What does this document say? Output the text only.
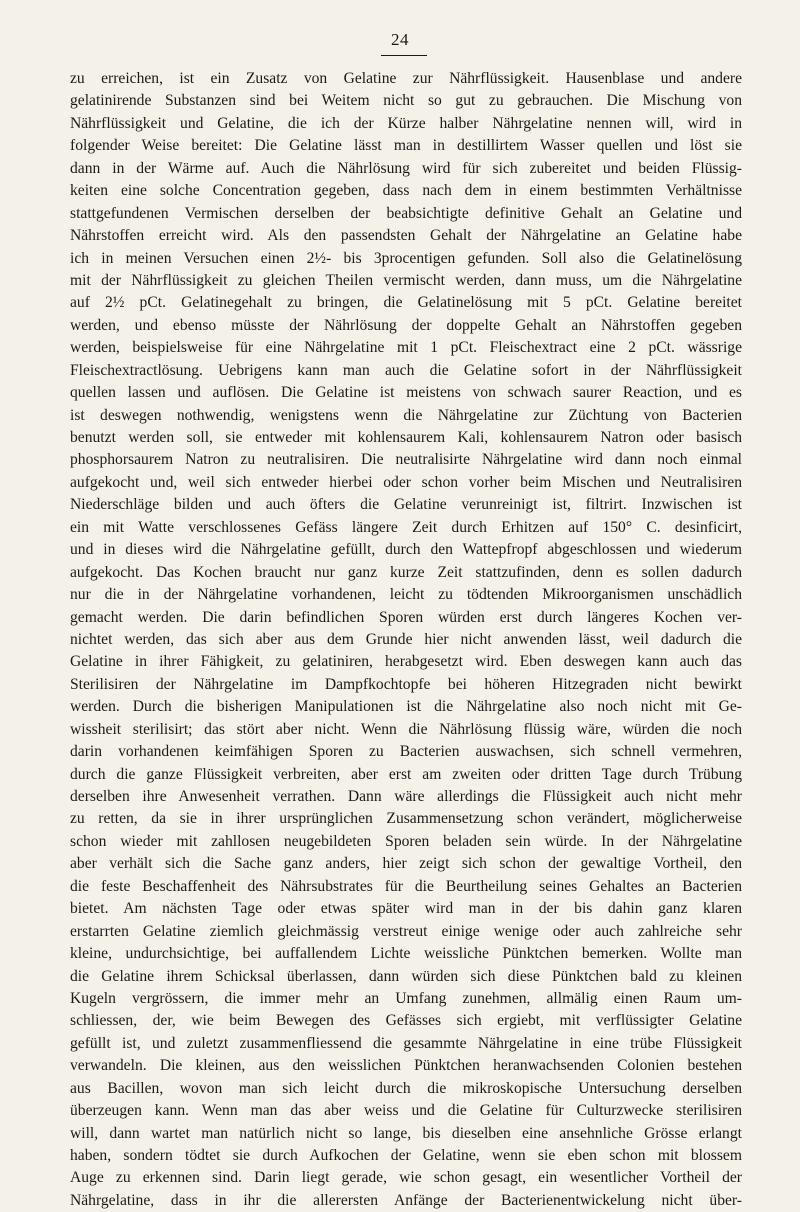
24
zu erreichen, ist ein Zusatz von Gelatine zur Nährflüssigkeit. Hausenblase und andere
gelatinirende Substanzen sind bei Weitem nicht so gut zu gebrauchen. Die Mischung von
Nährflüssigkeit und Gelatine, die ich der Kürze halber Nährgelatine nennen will, wird in
folgender Weise bereitet: Die Gelatine lässt man in destillirtem Wasser quellen und löst sie
dann in der Wärme auf. Auch die Nährlösung wird für sich zubereitet und beiden Flüssig-
keiten eine solche Concentration gegeben, dass nach dem in einem bestimmten Verhältnisse
stattgefundenen Vermischen derselben der beabsichtigte definitive Gehalt an Gelatine und
Nährstoffen erreicht wird. Als den passendsten Gehalt der Nährgelatine an Gelatine habe
ich in meinen Versuchen einen 2½- bis 3procentigen gefunden. Soll also die Gelatinelösung
mit der Nährflüssigkeit zu gleichen Theilen vermischt werden, dann muss, um die Nährgelatine
auf 2½ pCt. Gelatinegehalt zu bringen, die Gelatinelösung mit 5 pCt. Gelatine bereitet
werden, und ebenso müsste der Nährlösung der doppelte Gehalt an Nährstoffen gegeben
werden, beispielsweise für eine Nährgelatine mit 1 pCt. Fleischextract eine 2 pCt. wässrige
Fleischextractlösung. Uebrigens kann man auch die Gelatine sofort in der Nährflüssigkeit
quellen lassen und auflösen. Die Gelatine ist meistens von schwach saurer Reaction, und es
ist deswegen nothwendig, wenigstens wenn die Nährgelatine zur Züchtung von Bacterien
benutzt werden soll, sie entweder mit kohlensaurem Kali, kohlensaurem Natron oder basisch
phosphorsaurem Natron zu neutralisiren. Die neutralisirte Nährgelatine wird dann noch einmal
aufgekocht und, weil sich entweder hierbei oder schon vorher beim Mischen und Neutralisiren
Niederschläge bilden und auch öfters die Gelatine verunreinigt ist, filtrirt. Inzwischen ist
ein mit Watte verschlossenes Gefäss längere Zeit durch Erhitzen auf 150° C. desinficirt,
und in dieses wird die Nährgelatine gefüllt, durch den Wattepfropf abgeschlossen und wiederum
aufgekocht. Das Kochen braucht nur ganz kurze Zeit stattzufinden, denn es sollen dadurch
nur die in der Nährgelatine vorhandenen, leicht zu tödtenden Mikroorganismen unschädlich
gemacht werden. Die darin befindlichen Sporen würden erst durch längeres Kochen ver-
nichtet werden, das sich aber aus dem Grunde hier nicht anwenden lässt, weil dadurch die
Gelatine in ihrer Fähigkeit, zu gelatiniren, herabgesetzt wird. Eben deswegen kann auch das
Sterilisiren der Nährgelatine im Dampfkochtopfe bei höheren Hitzegraden nicht bewirkt
werden. Durch die bisherigen Manipulationen ist die Nährgelatine also noch nicht mit Ge-
wissheit sterilisirt; das stört aber nicht. Wenn die Nährlösung flüssig wäre, würden die noch
darin vorhandenen keimfähigen Sporen zu Bacterien auswachsen, sich schnell vermehren,
durch die ganze Flüssigkeit verbreiten, aber erst am zweiten oder dritten Tage durch Trübung
derselben ihre Anwesenheit verrathen. Dann wäre allerdings die Flüssigkeit auch nicht mehr
zu retten, da sie in ihrer ursprünglichen Zusammensetzung schon verändert, möglicherweise
schon wieder mit zahllosen neugebildeten Sporen beladen sein würde. In der Nährgelatine
aber verhält sich die Sache ganz anders, hier zeigt sich schon der gewaltige Vortheil, den
die feste Beschaffenheit des Nährsubstrates für die Beurtheilung seines Gehaltes an Bacterien
bietet. Am nächsten Tage oder etwas später wird man in der bis dahin ganz klaren
erstarrten Gelatine ziemlich gleichmässig verstreut einige wenige oder auch zahlreiche sehr
kleine, undurchsichtige, bei auffallendem Lichte weissliche Pünktchen bemerken. Wollte man
die Gelatine ihrem Schicksal überlassen, dann würden sich diese Pünktchen bald zu kleinen
Kugeln vergrössern, die immer mehr an Umfang zunehmen, allmälig einen Raum um-
schliessen, der, wie beim Bewegen des Gefässes sich ergiebt, mit verflüssigter Gelatine
gefüllt ist, und zuletzt zusammenfliessend die gesammte Nährgelatine in eine trübe Flüssigkeit
verwandeln. Die kleinen, aus den weisslichen Pünktchen heranwachsenden Colonien bestehen
aus Bacillen, wovon man sich leicht durch die mikroskopische Untersuchung derselben
überzeugen kann. Wenn man das aber weiss und die Gelatine für Culturzwecke sterilisiren
will, dann wartet man natürlich nicht so lange, bis dieselben eine ansehnliche Grösse erlangt
haben, sondern tödtet sie durch Aufkochen der Gelatine, wenn sie eben schon mit blossem
Auge zu erkennen sind. Darin liegt gerade, wie schon gesagt, ein wesentlicher Vortheil der
Nährgelatine, dass in ihr die allerersten Anfänge der Bacterienentwickelung nicht über-
